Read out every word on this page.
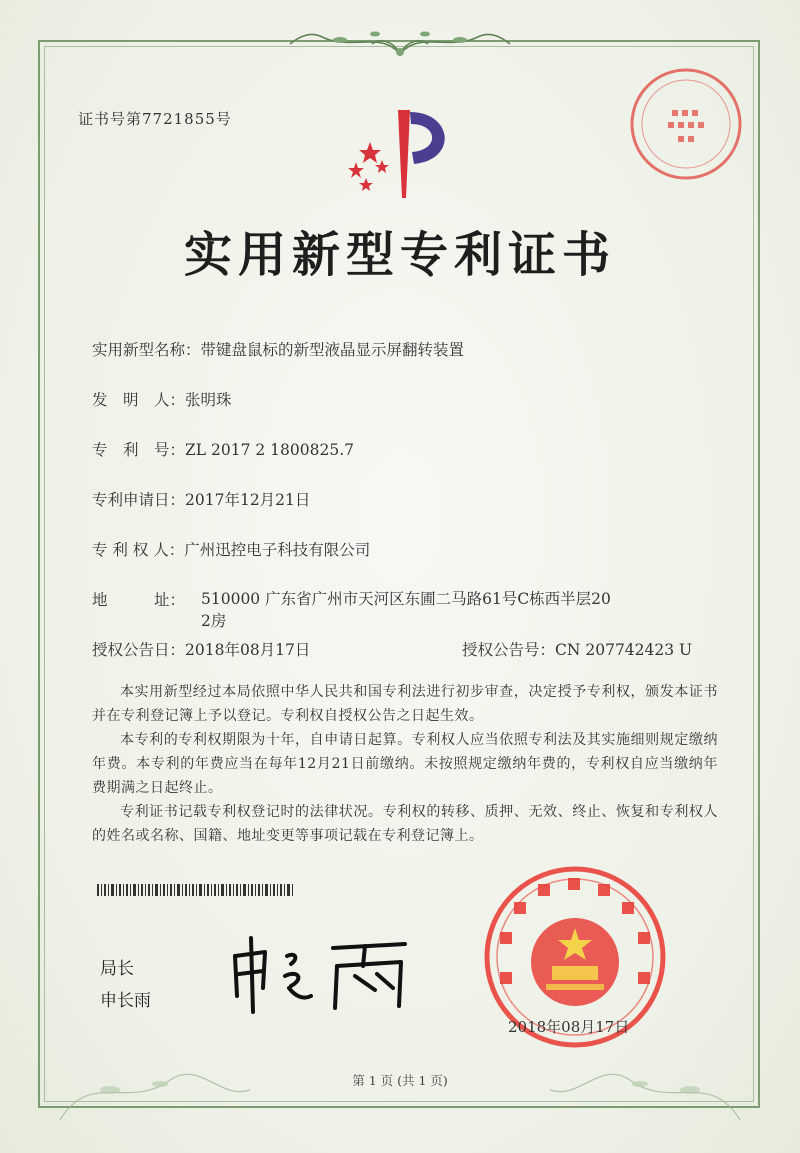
证书号第7721855号
实用新型专利证书
实用新型名称：带键盘鼠标的新型液晶显示屏翻转装置
发　明　人：张明珠
专　利　号：ZL 2017 2 1800825.7
专利申请日：2017年12月21日
专 利 权 人：广州迅控电子科技有限公司
地　　　址： 510000 广东省广州市天河区东圃二马路61号C栋西半层20
2房
授权公告日：2018年08月17日	授权公告号：CN 207742423 U
本实用新型经过本局依照中华人民共和国专利法进行初步审查，决定授予专利权，颁发本证书并在专利登记簿上予以登记。专利权自授权公告之日起生效。
本专利的专利权期限为十年，自申请日起算。专利权人应当依照专利法及其实施细则规定缴纳年费。本专利的年费应当在每年12月21日前缴纳。未按照规定缴纳年费的，专利权自应当缴纳年费期满之日起终止。
专利证书记载专利权登记时的法律状况。专利权的转移、质押、无效、终止、恢复和专利权人的姓名或名称、国籍、地址变更等事项记载在专利登记簿上。
局长
申长雨
2018年08月17日
第 1 页 (共 1 页)
